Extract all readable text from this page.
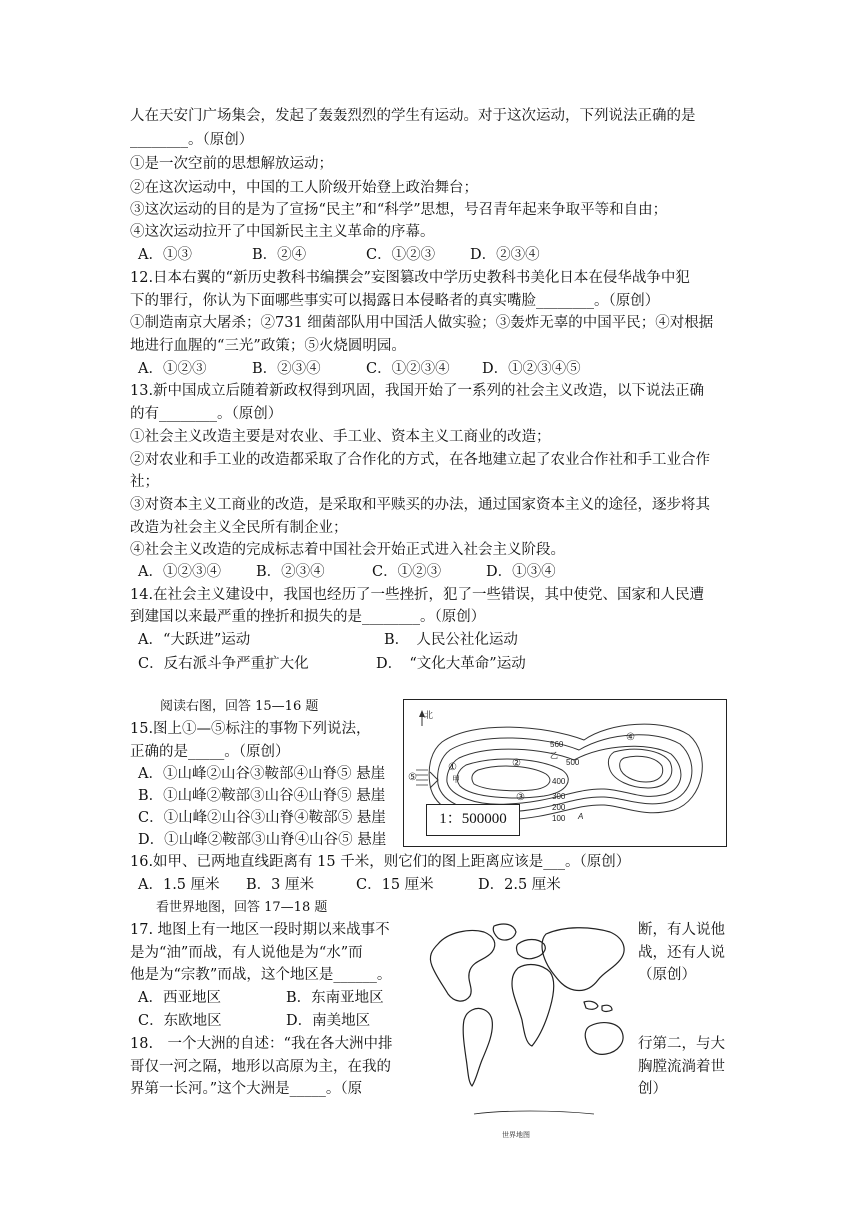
人在天安门广场集会，发起了轰轰烈烈的学生有运动。对于这次运动，下列说法正确的是
________。（原创）
①是一次空前的思想解放运动；
②在这次运动中，中国的工人阶级开始登上政治舞台；
③这次运动的目的是为了宣扬“民主”和“科学”思想，号召青年起来争取平等和自由；
④这次运动拉开了中国新民主主义革命的序幕。
A．①③	B．②④	C．①②③ D．②③④
12.日本右翼的“新历史教科书编撰会”妄图篡改中学历史教科书美化日本在侵华战争中犯
下的罪行，你认为下面哪些事实可以揭露日本侵略者的真实嘴脸________。（原创）
①制造南京大屠杀；②731 细菌部队用中国活人做实验；③轰炸无辜的中国平民；④对根据
地进行血腥的“三光”政策；⑤火烧圆明园。
A．①②③	B．②③④	C．①②③④ D．①②③④⑤
13.新中国成立后随着新政权得到巩固，我国开始了一系列的社会主义改造，以下说法正确
的有________。（原创）
①社会主义改造主要是对农业、手工业、资本主义工商业的改造；
②对农业和手工业的改造都采取了合作化的方式，在各地建立起了农业合作社和手工业合作
社；
③对资本主义工商业的改造，是采取和平赎买的办法，通过国家资本主义的途径，逐步将其
改造为社会主义全民所有制企业；
④社会主义改造的完成标志着中国社会开始正式进入社会主义阶段。
A．①②③④ B．②③④	C．①②③	D．①③④
14.在社会主义建设中，我国也经历了一些挫折，犯了一些错误，其中使党、国家和人民遭
到建国以来最严重的挫折和损失的是________。（原创）
A．“大跃进”运动	B．　人民公社化运动
C．反右派斗争严重扩大化	D．　“文化大革命”运动
阅读右图，回答 15—16 题
15.图上①—⑤标注的事物下列说法，
正确的是_____。（原创）
A．①山峰②山谷③鞍部④山脊⑤ 悬崖
B．①山峰②鞍部③山谷④山脊⑤ 悬崖
C．①山峰②山谷③山脊④鞍部⑤ 悬崖
D．①山峰②鞍部③山脊④山谷⑤ 悬崖
北
560
乙
500
④
②
①
甲
⑤
③
400
300
200
100 A
1：500000
16.如甲、已两地直线距离有 15 千米，则它们的图上距离应该是___。（原创）
A．1.5 厘米 B．3 厘米	C．15 厘米	D．2.5 厘米
看世界地图，回答 17—18 题
17. 地图上有一地区一段时期以来战事不
是为“油”而战，有人说他是为“水”而
他是为“宗教”而战，这个地区是______。
断，有人说他
战，还有人说
（原创）
A．西亚地区	B．东南亚地区
C．东欧地区	D．南美地区
18.　一个大洲的自述：“我在各大洲中排
哥仅一河之隔，地形以高原为主，在我的
界第一长河。”这个大洲是_____。（原
行第二，与大
胸膛流淌着世
创）
世界地图
